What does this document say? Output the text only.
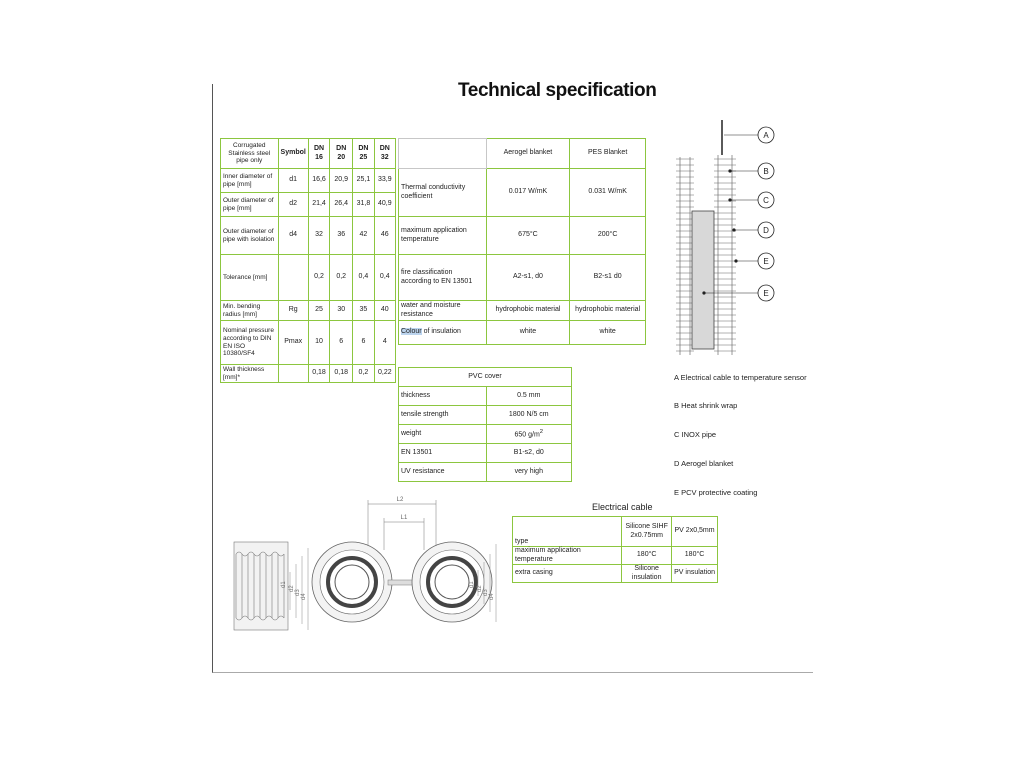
Technical specification
Corrugated Stainless steel pipe only	Symbol	DN 16	DN 20	DN 25	DN 32
Inner diameter of pipe [mm]	d1	16,6	20,9	25,1	33,9
Outer diameter of pipe [mm]	d2	21,4	26,4	31,8	40,9
Outer diameter of pipe with isolation	d4	32	36	42	46
Tolerance [mm]		0,2	0,2	0,4	0,4
Min. bending radius [mm]	Rg	25	30	35	40
Nominal pressure according to DIN EN ISO 10380/SF4	Pmax	10	6	6	4
Wall thickness [mm]*		0,18	0,18	0,2	0,22
	Aerogel blanket	PES Blanket
Thermal conductivity coefficient	0.017 W/mK	0.031 W/mK
maximum application temperature	675°C	200°C
fire classification according to EN 13501	A2-s1, d0	B2-s1 d0
water and moisture resistance	hydrophobic material	hydrophobic material
Colour of insulation	white	white
PVC cover	
thickness	0.5 mm
tensile strength	1800 N/5 cm
weight	650 $g/m^2$
EN 13501	B1-s2, d0
UV resistance	very high
Electrical cable
type	Silicone SIHF 2x0.75mm	PV 2x0,5mm
maximum application temperature	180°C	180°C
extra casing	Silicone insulation	PV insulation
A
B
C
D
E
E
A Electrical cable to temperature sensor
B Heat shrink wrap
C INOX pipe
D Aerogel blanket
E PCV protective coating
d1
d2
d3
d4
L2
L1
d1
d2
d3
d4
